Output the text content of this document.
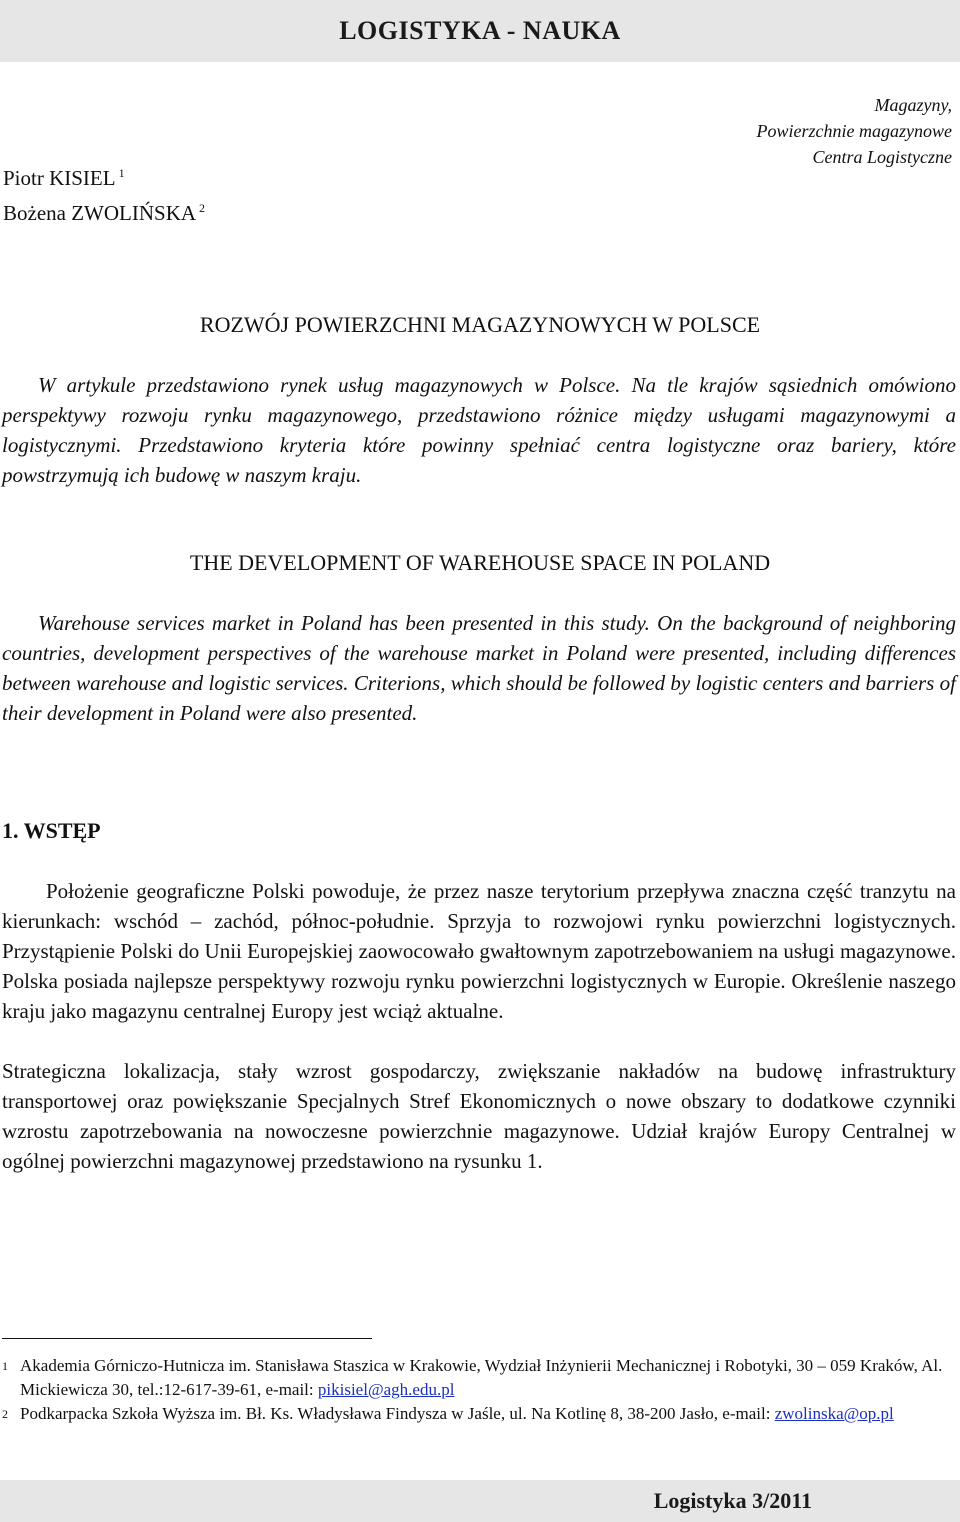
LOGISTYKA - NAUKA
Magazyny,
Powierzchnie magazynowe
Centra Logistyczne
Piotr KISIEL $^1$
Bożena ZWOLIŃSKA $^2$
ROZWÓJ POWIERZCHNI MAGAZYNOWYCH W POLSCE

W artykule przedstawiono rynek usług magazynowych w Polsce. Na tle krajów sąsiednich omówiono perspektywy rozwoju rynku magazynowego, przedstawiono różnice między usługami magazynowymi a logistycznymi. Przedstawiono kryteria które powinny spełniać centra logistyczne oraz bariery, które powstrzymują ich budowę w naszym kraju.

THE DEVELOPMENT OF WAREHOUSE SPACE IN POLAND

Warehouse services market in Poland has been presented in this study. On the background of neighboring countries, development perspectives of the warehouse market in Poland were presented, including differences between warehouse and logistic services. Criterions, which should be followed by logistic centers and barriers of their development in Poland were also presented.

1. WSTĘP

Położenie geograficzne Polski powoduje, że przez nasze terytorium przepływa znaczna część tranzytu na kierunkach: wschód – zachód, północ-południe. Sprzyja to rozwojowi rynku powierzchni logistycznych. Przystąpienie Polski do Unii Europejskiej zaowocowało gwałtownym zapotrzebowaniem na usługi magazynowe. Polska posiada najlepsze perspektywy rozwoju rynku powierzchni logistycznych w Europie. Określenie naszego kraju jako magazynu centralnej Europy jest wciąż aktualne.

Strategiczna lokalizacja, stały wzrost gospodarczy, zwiększanie nakładów na budowę infrastruktury transportowej oraz powiększanie Specjalnych Stref Ekonomicznych o nowe obszary to dodatkowe czynniki wzrostu zapotrzebowania na nowoczesne powierzchnie magazynowe. Udział krajów Europy Centralnej w ogólnej powierzchni magazynowej przedstawiono na rysunku 1.

1 Akademia Górniczo-Hutnicza im. Stanisława Staszica w Krakowie, Wydział Inżynierii Mechanicznej i Robotyki, 30 – 059 Kraków, Al. Mickiewicza 30, tel.:12-617-39-61, e-mail: pikisiel@agh.edu.pl

2 Podkarpacka Szkoła Wyższa im. Bł. Ks. Władysława Findysza w Jaśle, ul. Na Kotlinę 8, 38-200 Jasło, e-mail: zwolinska@op.pl

Logistyka 3/2011
